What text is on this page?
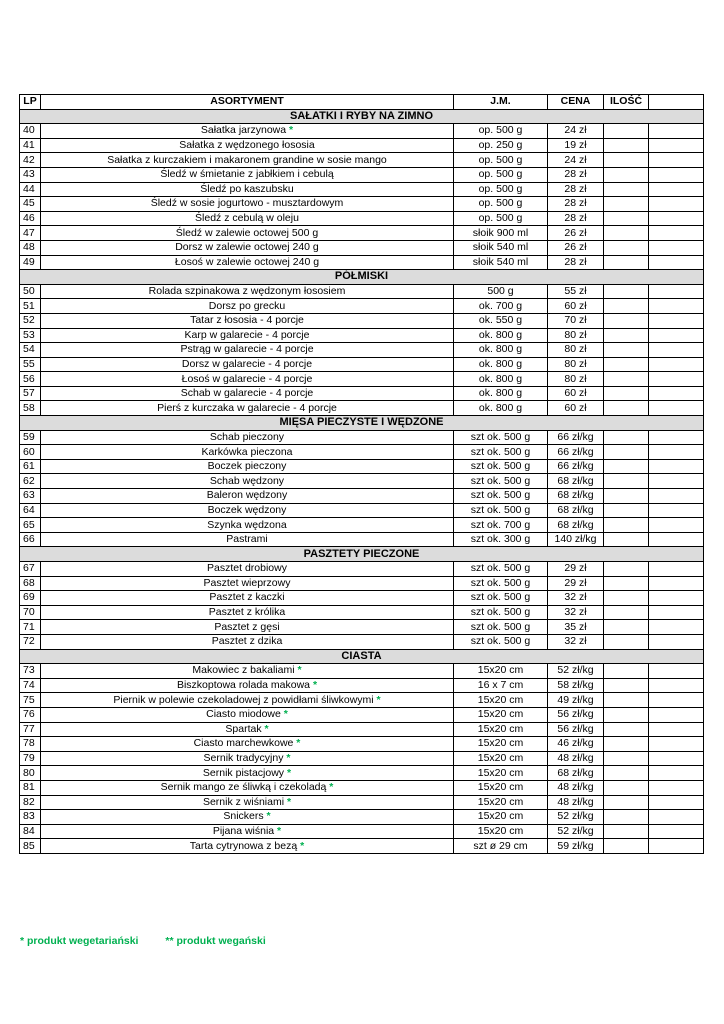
LP	ASORTYMENT	J.M.	CENA	ILOŚĆ	
SAŁATKI I RYBY NA ZIMNO					
40	Sałatka jarzynowa *	op. 500 g	24 zł		
41	Sałatka z wędzonego łososia	op. 250 g	19 zł		
42	Sałatka z kurczakiem i makaronem grandine w sosie mango	op. 500 g	24 zł		
43	Śledź w śmietanie z jabłkiem i cebulą	op. 500 g	28 zł		
44	Śledź po kaszubsku	op. 500 g	28 zł		
45	Śledź w sosie jogurtowo - musztardowym	op. 500 g	28 zł		
46	Śledź z cebulą w oleju	op. 500 g	28 zł		
47	Śledź w zalewie octowej 500 g	słoik 900 ml	26 zł		
48	Dorsz w zalewie octowej 240 g	słoik 540 ml	26 zł		
49	Łosoś w zalewie octowej 240 g	słoik 540 ml	28 zł		
PÓŁMISKI					
50	Rolada szpinakowa z wędzonym łososiem	500 g	55 zł		
51	Dorsz po grecku	ok. 700 g	60 zł		
52	Tatar z łososia - 4 porcje	ok. 550 g	70 zł		
53	Karp w galarecie - 4 porcje	ok. 800 g	80 zł		
54	Pstrąg w galarecie - 4 porcje	ok. 800 g	80 zł		
55	Dorsz w galarecie - 4 porcje	ok. 800 g	80 zł		
56	Łosoś w galarecie - 4 porcje	ok. 800 g	80 zł		
57	Schab w galarecie - 4 porcje	ok. 800 g	60 zł		
58	Pierś z kurczaka w galarecie - 4 porcje	ok. 800 g	60 zł		
MIĘSA PIECZYSTE I WĘDZONE					
59	Schab pieczony	szt ok. 500 g	66 zł/kg		
60	Karkówka pieczona	szt ok. 500 g	66 zł/kg		
61	Boczek pieczony	szt ok. 500 g	66 zł/kg		
62	Schab wędzony	szt ok. 500 g	68 zł/kg		
63	Baleron wędzony	szt ok. 500 g	68 zł/kg		
64	Boczek wędzony	szt ok. 500 g	68 zł/kg		
65	Szynka wędzona	szt ok. 700 g	68 zł/kg		
66	Pastrami	szt ok. 300 g	140 zł/kg		
PASZTETY PIECZONE					
67	Pasztet drobiowy	szt ok. 500 g	29 zł		
68	Pasztet wieprzowy	szt ok. 500 g	29 zł		
69	Pasztet z kaczki	szt ok. 500 g	32 zł		
70	Pasztet z królika	szt ok. 500 g	32 zł		
71	Pasztet z gęsi	szt ok. 500 g	35 zł		
72	Pasztet z dzika	szt ok. 500 g	32 zł		
CIASTA					
73	Makowiec z bakaliami *	15x20 cm	52 zł/kg		
74	Biszkoptowa rolada makowa *	16 x 7 cm	58 zł/kg		
75	Piernik w polewie czekoladowej z powidłami śliwkowymi *	15x20 cm	49 zł/kg		
76	Ciasto miodowe *	15x20 cm	56 zł/kg		
77	Spartak *	15x20 cm	56 zł/kg		
78	Ciasto marchewkowe *	15x20 cm	46 zł/kg		
79	Sernik tradycyjny *	15x20 cm	48 zł/kg		
80	Sernik pistacjowy *	15x20 cm	68 zł/kg		
81	Sernik mango ze śliwką i czekoladą *	15x20 cm	48 zł/kg		
82	Sernik z wiśniami *	15x20 cm	48 zł/kg		
83	Snickers *	15x20 cm	52 zł/kg		
84	Pijana wiśnia *	15x20 cm	52 zł/kg		
85	Tarta cytrynowa z bezą *	szt ø 29 cm	59 zł/kg		
* produkt wegetariański	** produkt wegański
